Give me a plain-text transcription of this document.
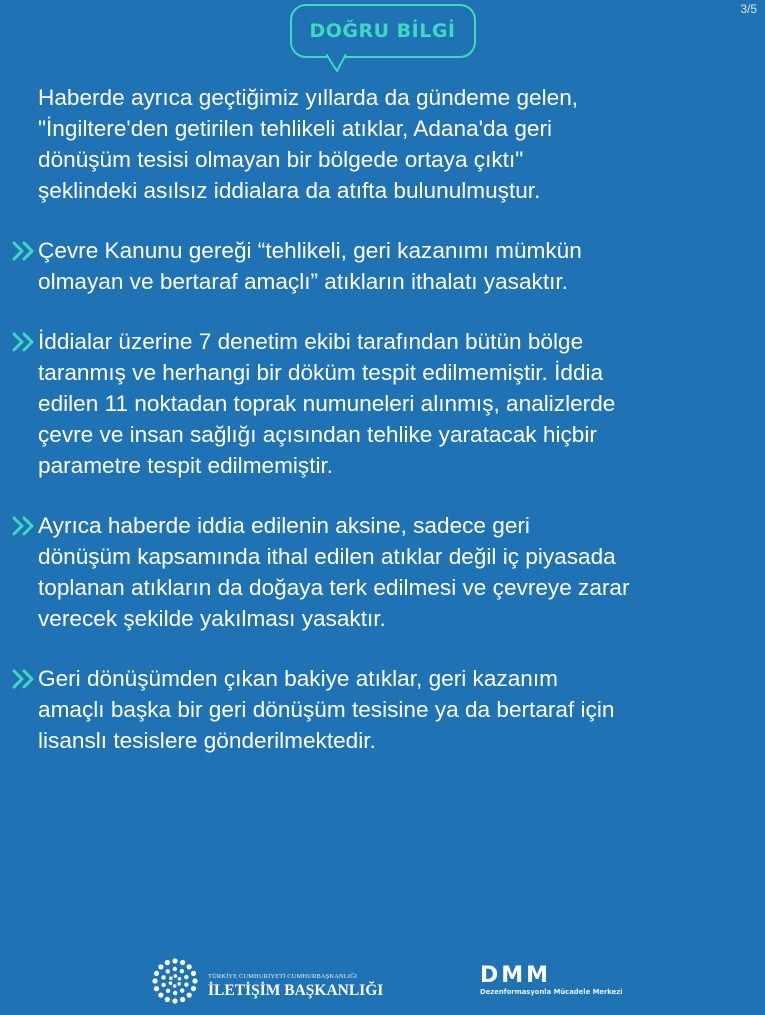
3/5
DOĞRU BİLGİ
Haberde ayrıca geçtiğimiz yıllarda da gündeme gelen,
"İngiltere'den getirilen tehlikeli atıklar, Adana'da geri
dönüşüm tesisi olmayan bir bölgede ortaya çıktı"
şeklindeki asılsız iddialara da atıfta bulunulmuştur.
Çevre Kanunu gereği “tehlikeli, geri kazanımı mümkün
olmayan ve bertaraf amaçlı” atıkların ithalatı yasaktır.
İddialar üzerine 7 denetim ekibi tarafından bütün bölge
taranmış ve herhangi bir döküm tespit edilmemiştir. İddia
edilen 11 noktadan toprak numuneleri alınmış, analizlerde
çevre ve insan sağlığı açısından tehlike yaratacak hiçbir
parametre tespit edilmemiştir.
Ayrıca haberde iddia edilenin aksine, sadece geri
dönüşüm kapsamında ithal edilen atıklar değil iç piyasada
toplanan atıkların da doğaya terk edilmesi ve çevreye zarar
verecek şekilde yakılması yasaktır.
Geri dönüşümden çıkan bakiye atıklar, geri kazanım
amaçlı başka bir geri dönüşüm tesisine ya da bertaraf için
lisanslı tesislere gönderilmektedir.
TÜRKİYE CUMHURİYETİ CUMHURBAŞKANLIĞI
İLETİŞİM BAŞKANLIĞI
DMM
Dezenformasyonla Mücadele Merkezi
